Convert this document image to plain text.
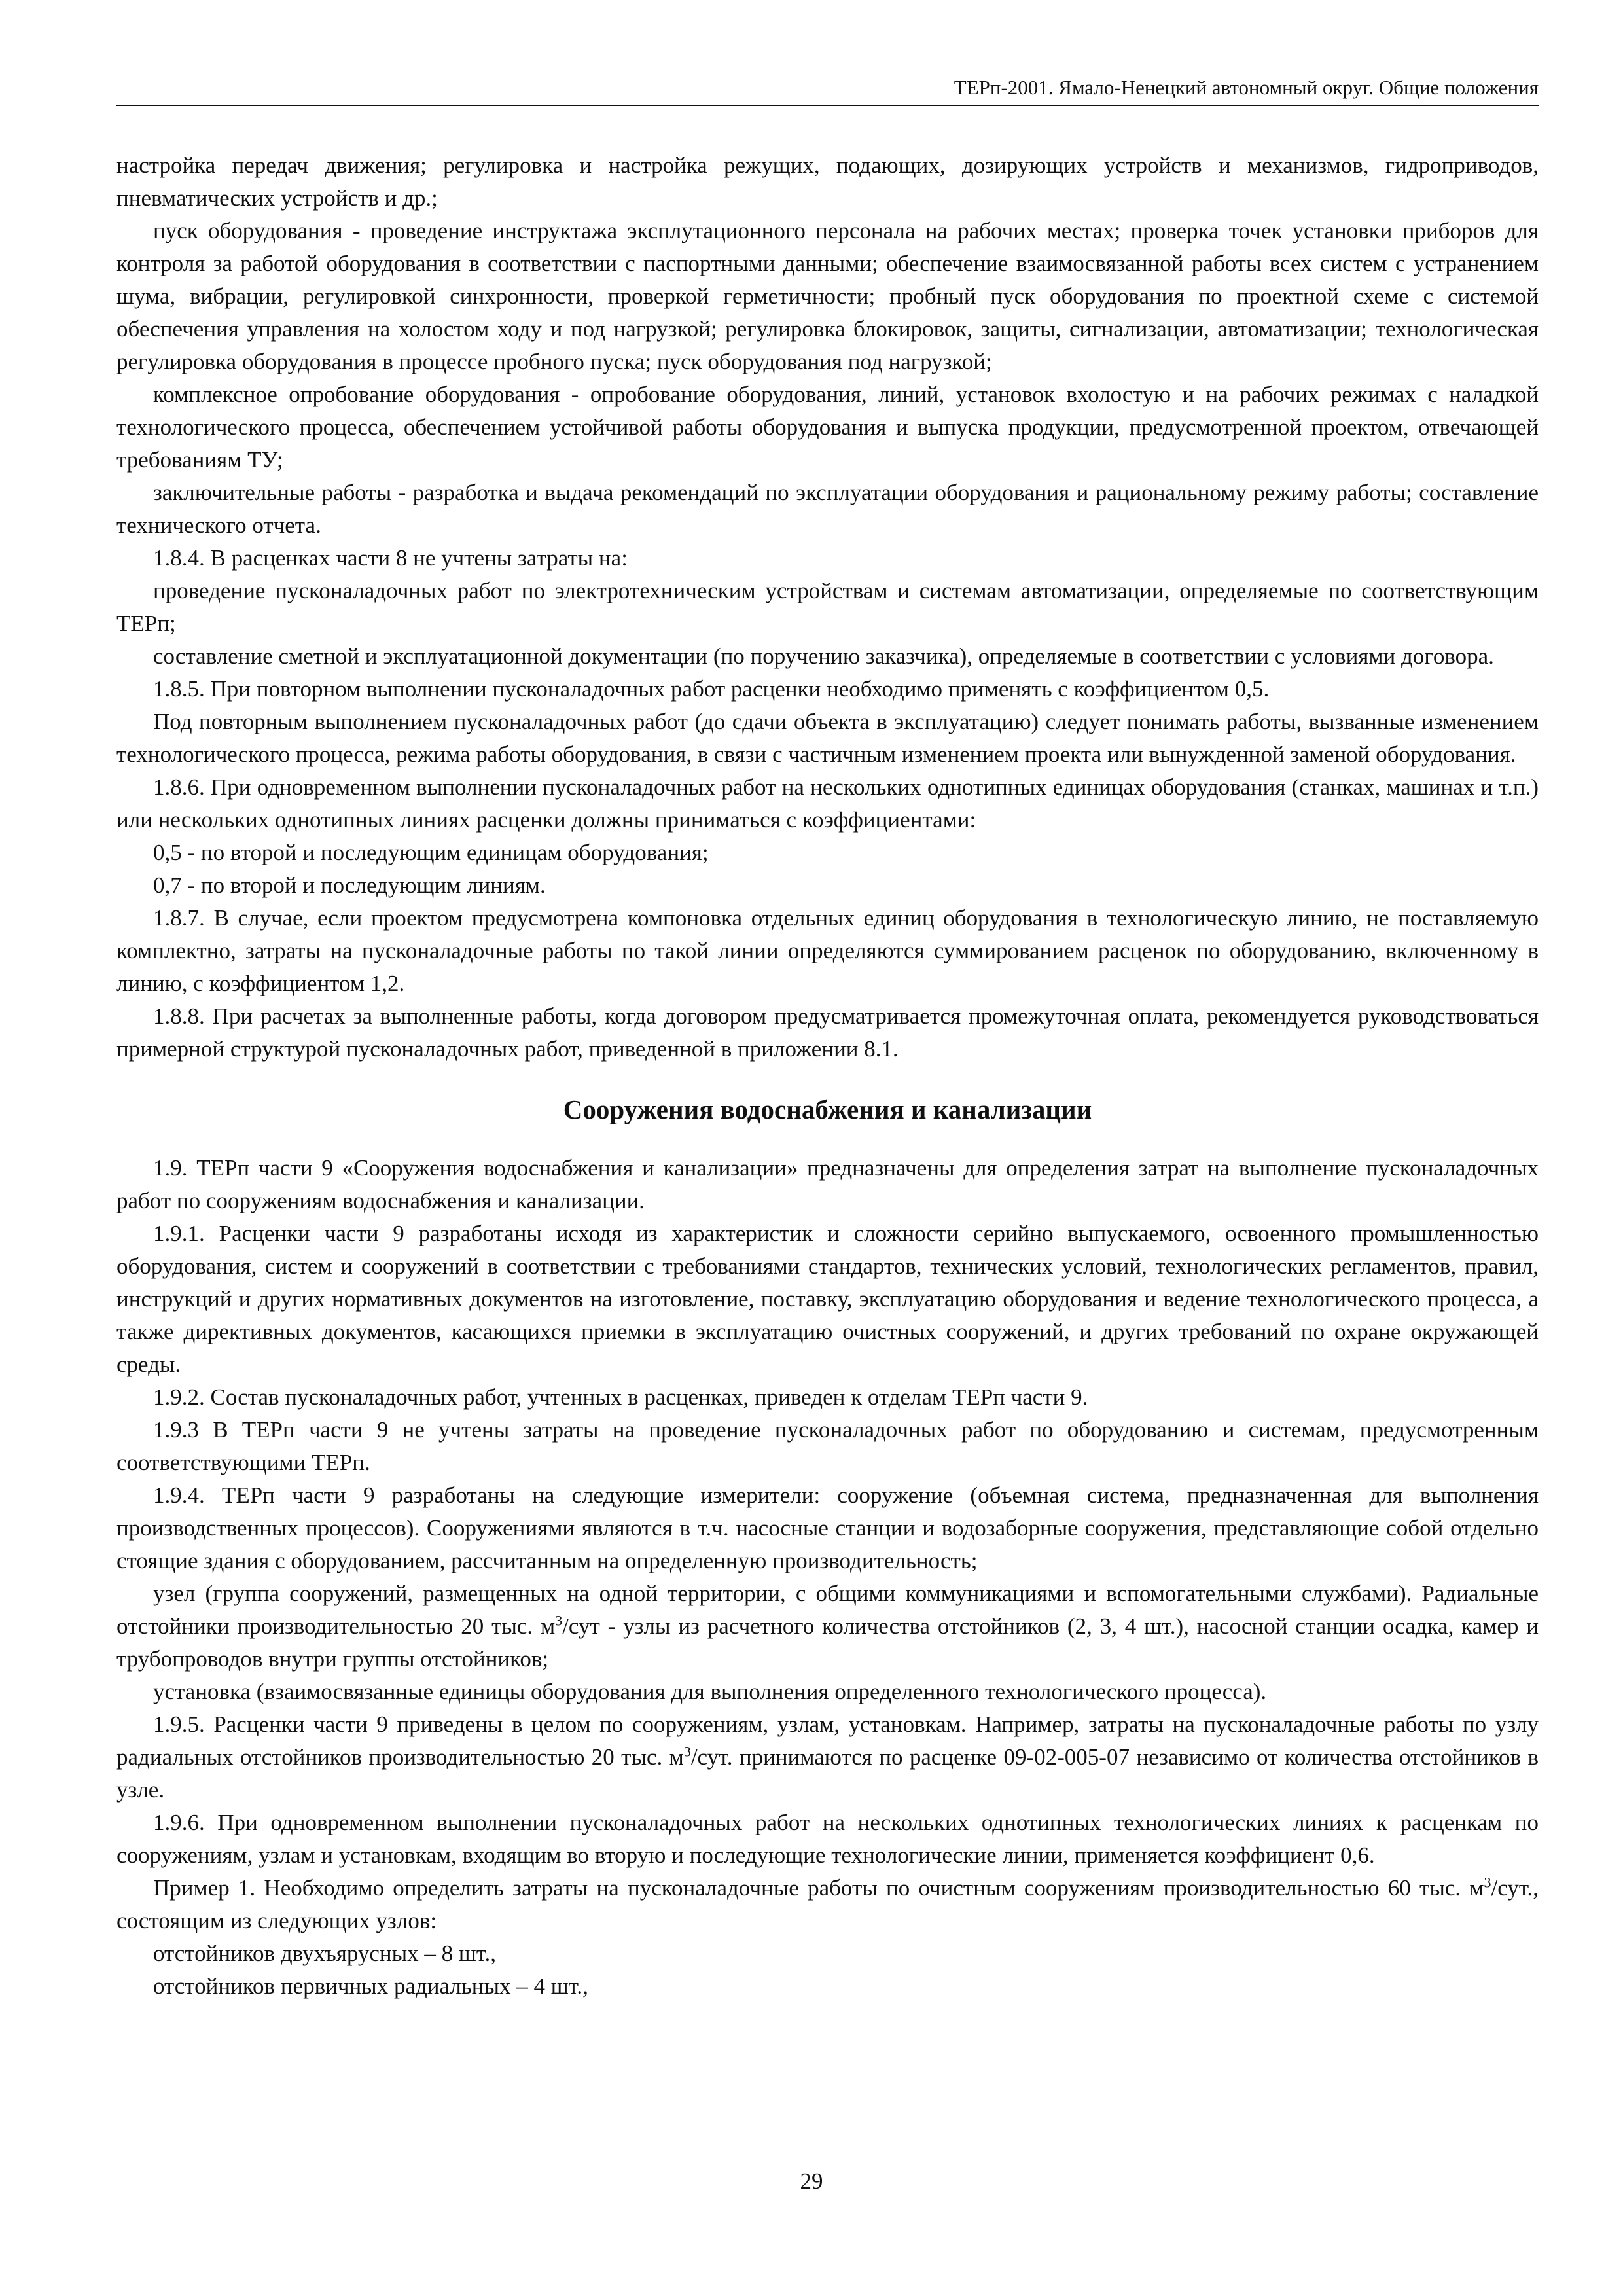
ТЕРп-2001. Ямало-Ненецкий автономный округ. Общие положения

настройка передач движения; регулировка и настройка режущих, подающих, дозирующих устройств и механизмов, гидроприводов, пневматических устройств и др.;

пуск оборудования - проведение инструктажа эксплутационного персонала на рабочих местах; проверка точек установки приборов для контроля за работой оборудования в соответствии с паспортными данными; обеспечение взаимосвязанной работы всех систем с устранением шума, вибрации, регулировкой синхронности, проверкой герметичности; пробный пуск оборудования по проектной схеме с системой обеспечения управления на холостом ходу и под нагрузкой; регулировка блокировок, защиты, сигнализации, автоматизации; технологическая регулировка оборудования в процессе пробного пуска; пуск оборудования под нагрузкой;

комплексное опробование оборудования - опробование оборудования, линий, установок вхолостую и на рабочих режимах с наладкой технологического процесса, обеспечением устойчивой работы оборудования и выпуска продукции, предусмотренной проектом, отвечающей требованиям ТУ;

заключительные работы - разработка и выдача рекомендаций по эксплуатации оборудования и рациональному режиму работы; составление технического отчета.

1.8.4. В расценках части 8 не учтены затраты на:

проведение пусконаладочных работ по электротехническим устройствам и системам автоматизации, определяемые по соответствующим ТЕРп;

составление сметной и эксплуатационной документации (по поручению заказчика), определяемые в соответствии с условиями договора.

1.8.5. При повторном выполнении пусконаладочных работ расценки необходимо применять с коэффициентом 0,5.

Под повторным выполнением пусконаладочных работ (до сдачи объекта в эксплуатацию) следует понимать работы, вызванные изменением технологического процесса, режима работы оборудования, в связи с частичным изменением проекта или вынужденной заменой оборудования.

1.8.6. При одновременном выполнении пусконаладочных работ на нескольких однотипных единицах оборудования (станках, машинах и т.п.) или нескольких однотипных линиях расценки должны приниматься с коэффициентами:

0,5 - по второй и последующим единицам оборудования;

0,7 - по второй и последующим линиям.

1.8.7. В случае, если проектом предусмотрена компоновка отдельных единиц оборудования в технологическую линию, не поставляемую комплектно, затраты на пусконаладочные работы по такой линии определяются суммированием расценок по оборудованию, включенному в линию, с коэффициентом 1,2.

1.8.8. При расчетах за выполненные работы, когда договором предусматривается промежуточная оплата, рекомендуется руководствоваться примерной структурой пусконаладочных работ, приведенной в приложении 8.1.

Сооружения водоснабжения и канализации

1.9. ТЕРп части 9 «Сооружения водоснабжения и канализации» предназначены для определения затрат на выполнение пусконаладочных работ по сооружениям водоснабжения и канализации.

1.9.1. Расценки части 9 разработаны исходя из характеристик и сложности серийно выпускаемого, освоенного промышленностью оборудования, систем и сооружений в соответствии с требованиями стандартов, технических условий, технологических регламентов, правил, инструкций и других нормативных документов на изготовление, поставку, эксплуатацию оборудования и ведение технологического процесса, а также директивных документов, касающихся приемки в эксплуатацию очистных сооружений, и других требований по охране окружающей среды.

1.9.2. Состав пусконаладочных работ, учтенных в расценках, приведен к отделам ТЕРп части 9.

1.9.3 В ТЕРп части 9 не учтены затраты на проведение пусконаладочных работ по оборудованию и системам, предусмотренным соответствующими ТЕРп.

1.9.4. ТЕРп части 9 разработаны на следующие измерители: сооружение (объемная система, предназначенная для выполнения производственных процессов). Сооружениями являются в т.ч. насосные станции и водозаборные сооружения, представляющие собой отдельно стоящие здания с оборудованием, рассчитанным на определенную производительность;

узел (группа сооружений, размещенных на одной территории, с общими коммуникациями и вспомогательными службами). Радиальные отстойники производительностью 20 тыс. $м^3$/сут - узлы из расчетного количества отстойников (2, 3, 4 шт.), насосной станции осадка, камер и трубопроводов внутри группы отстойников;

установка (взаимосвязанные единицы оборудования для выполнения определенного технологического процесса).

1.9.5. Расценки части 9 приведены в целом по сооружениям, узлам, установкам. Например, затраты на пусконаладочные работы по узлу радиальных отстойников производительностью 20 тыс. $м^3$/сут. принимаются по расценке 09-02-005-07 независимо от количества отстойников в узле.

1.9.6. При одновременном выполнении пусконаладочных работ на нескольких однотипных технологических линиях к расценкам по сооружениям, узлам и установкам, входящим во вторую и последующие технологические линии, применяется коэффициент 0,6.

Пример 1. Необходимо определить затраты на пусконаладочные работы по очистным сооружениям производительностью 60 тыс. $м^3$/сут., состоящим из следующих узлов:

отстойников двухъярусных – 8 шт.,

отстойников первичных радиальных – 4 шт.,

29
